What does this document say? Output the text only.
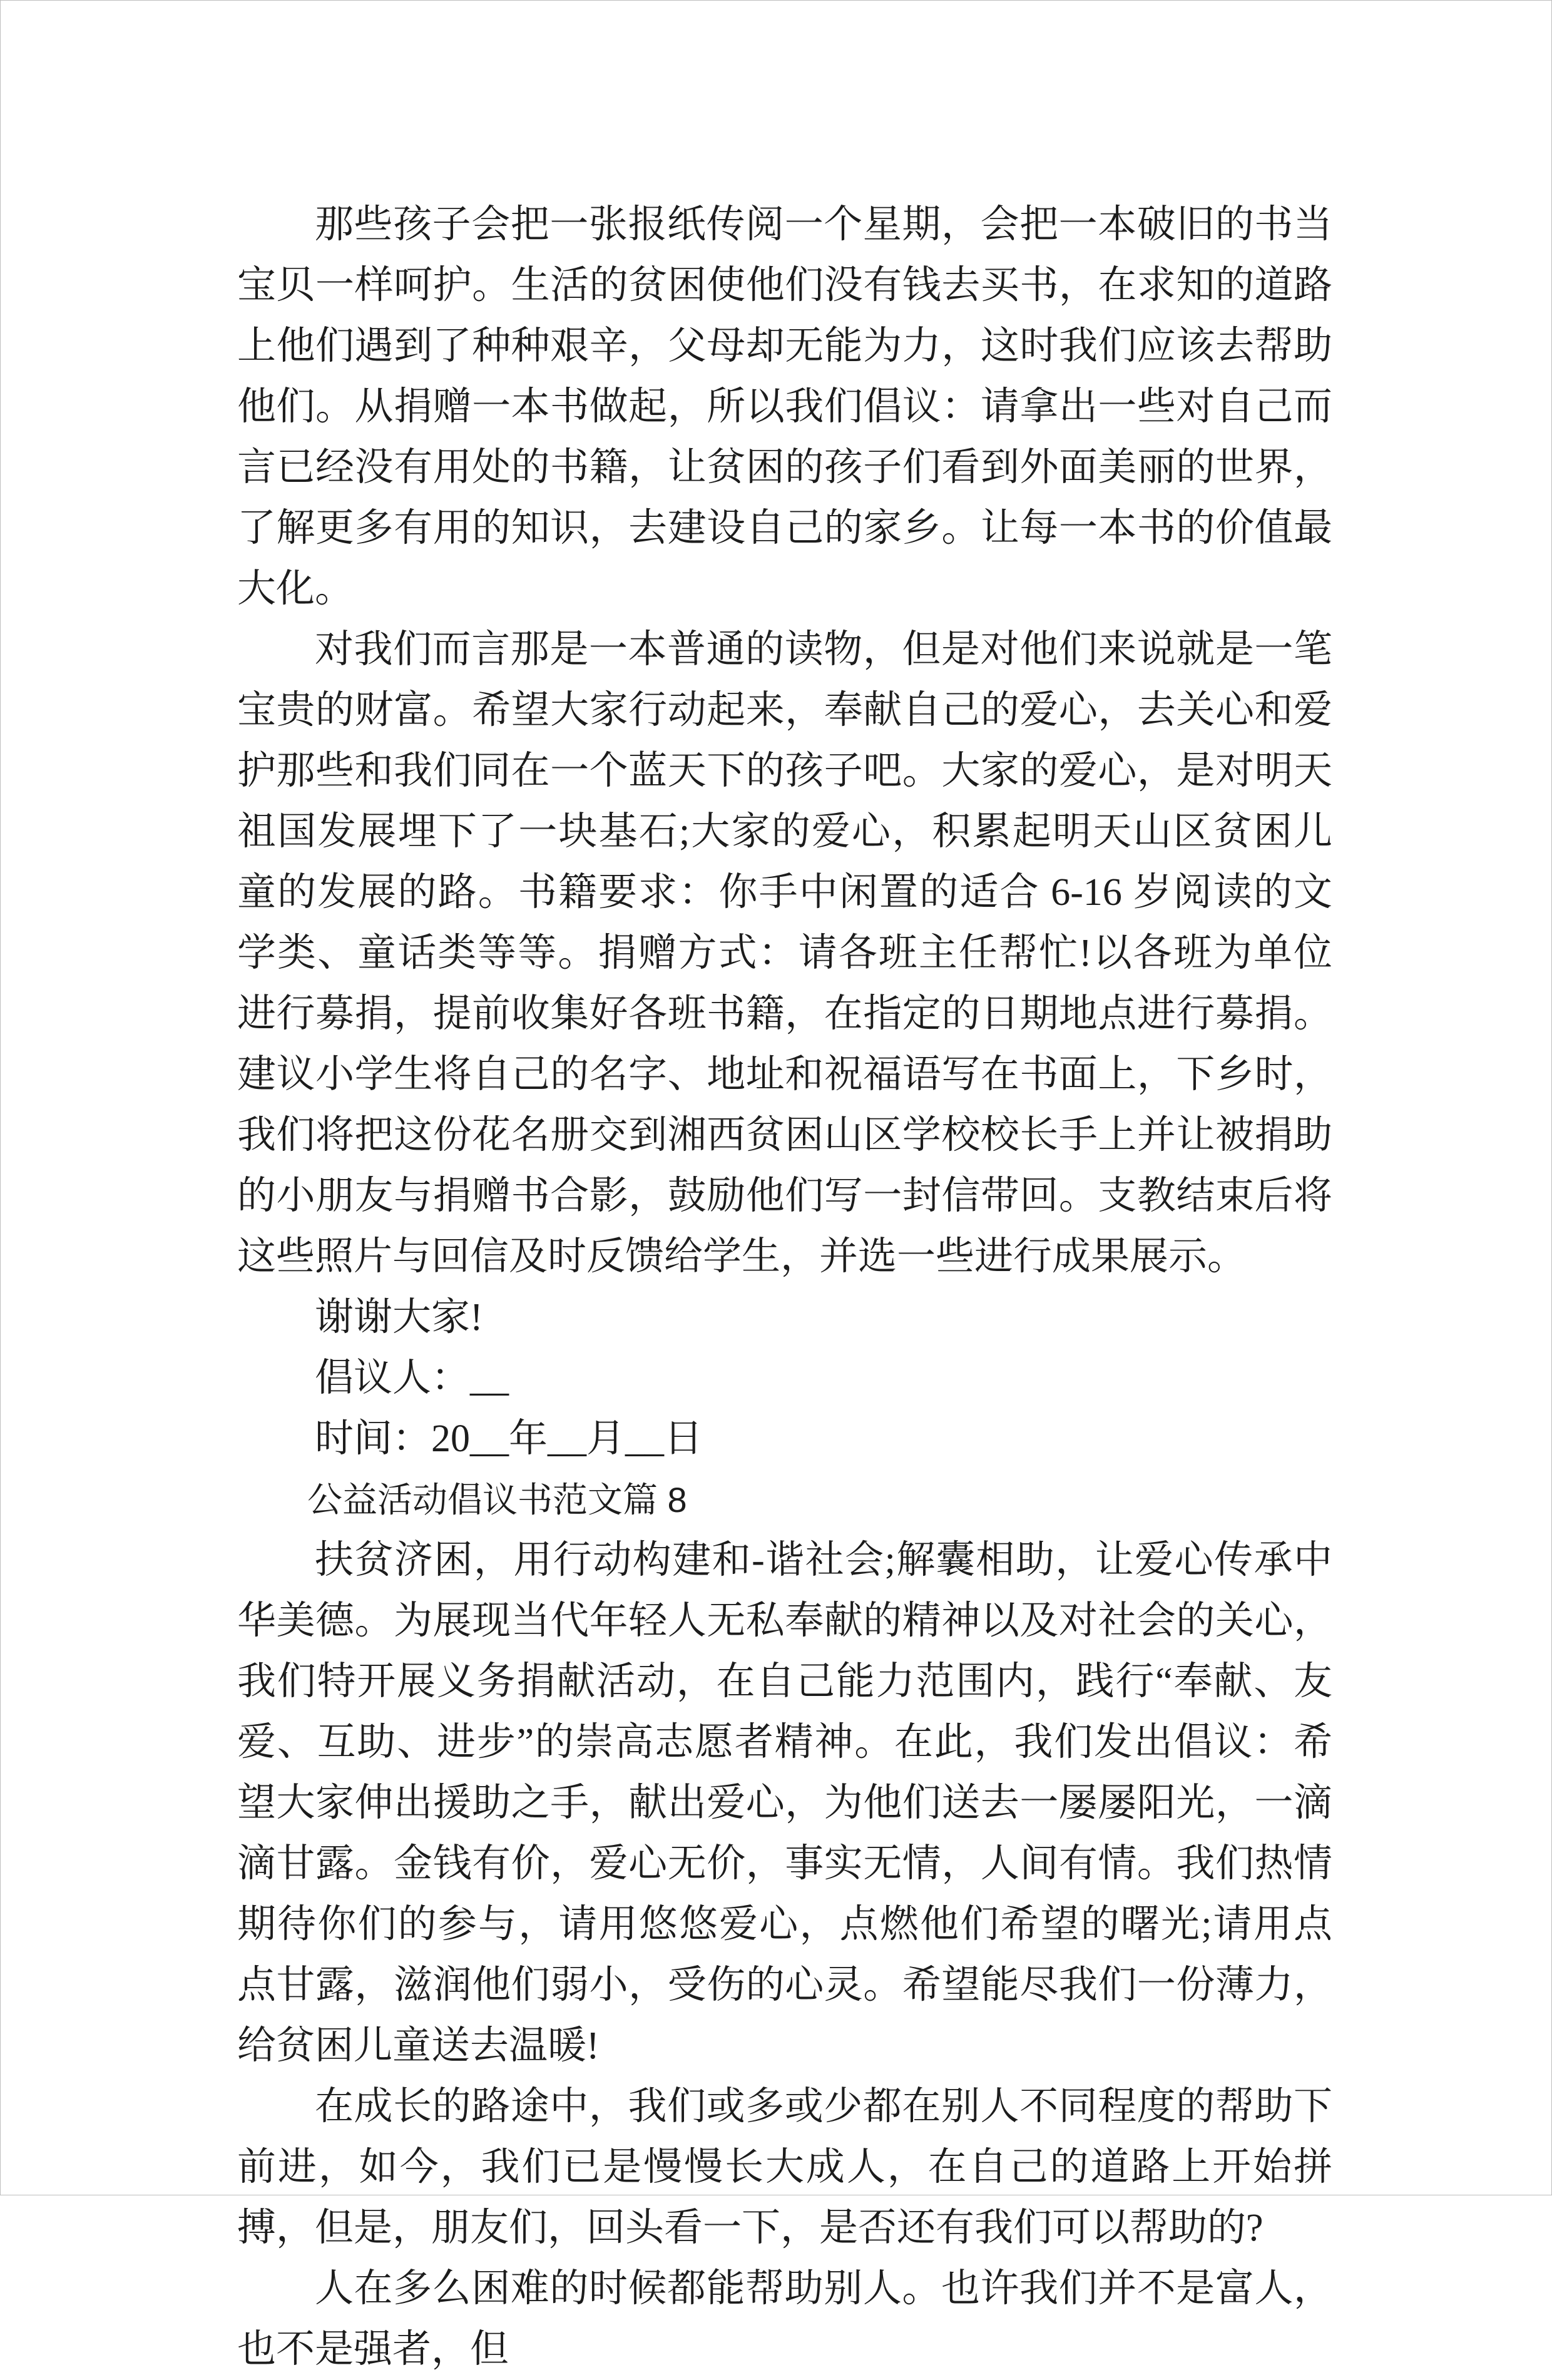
那些孩子会把一张报纸传阅一个星期，会把一本破旧的书当宝贝一样呵护。生活的贫困使他们没有钱去买书，在求知的道路上他们遇到了种种艰辛，父母却无能为力，这时我们应该去帮助他们。从捐赠一本书做起，所以我们倡议：请拿出一些对自己而言已经没有用处的书籍，让贫困的孩子们看到外面美丽的世界，了解更多有用的知识，去建设自己的家乡。让每一本书的价值最大化。

对我们而言那是一本普通的读物，但是对他们来说就是一笔宝贵的财富。希望大家行动起来，奉献自己的爱心，去关心和爱护那些和我们同在一个蓝天下的孩子吧。大家的爱心，是对明天祖国发展埋下了一块基石;大家的爱心，积累起明天山区贫困儿童的发展的路。书籍要求：你手中闲置的适合 6-16 岁阅读的文学类、童话类等等。捐赠方式：请各班主任帮忙!以各班为单位进行募捐，提前收集好各班书籍，在指定的日期地点进行募捐。建议小学生将自己的名字、地址和祝福语写在书面上，下乡时，我们将把这份花名册交到湘西贫困山区学校校长手上并让被捐助的小朋友与捐赠书合影，鼓励他们写一封信带回。支教结束后将这些照片与回信及时反馈给学生，并选一些进行成果展示。

谢谢大家!

倡议人：__

时间：20__年__月__日

公益活动倡议书范文篇 8

扶贫济困，用行动构建和-谐社会;解囊相助，让爱心传承中华美德。为展现当代年轻人无私奉献的精神以及对社会的关心，我们特开展义务捐献活动，在自己能力范围内，践行“奉献、友爱、互助、进步”的崇高志愿者精神。在此，我们发出倡议：希望大家伸出援助之手，献出爱心，为他们送去一屡屡阳光，一滴滴甘露。金钱有价，爱心无价，事实无情，人间有情。我们热情期待你们的参与，请用悠悠爱心，点燃他们希望的曙光;请用点点甘露，滋润他们弱小，受伤的心灵。希望能尽我们一份薄力，给贫困儿童送去温暖!

在成长的路途中，我们或多或少都在别人不同程度的帮助下前进，如今，我们已是慢慢长大成人，在自己的道路上开始拼搏，但是，朋友们，回头看一下，是否还有我们可以帮助的?

人在多么困难的时候都能帮助别人。也许我们并不是富人，也不是强者，但
